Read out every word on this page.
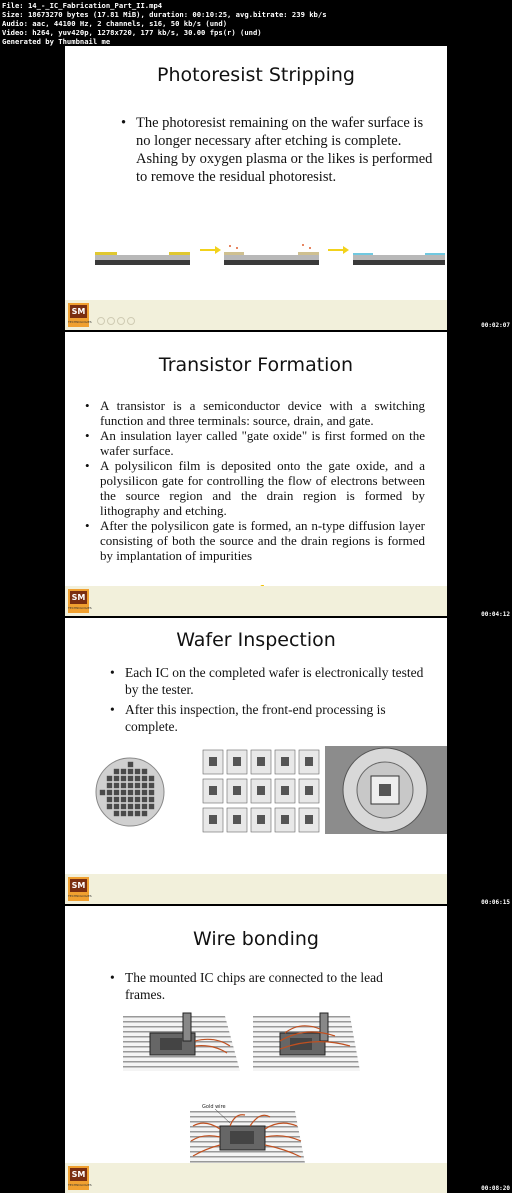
File: 14_-_IC_Fabrication_Part_II.mp4
Size: 18673270 bytes (17.81 MiB), duration: 00:10:25, avg.bitrate: 239 kb/s
Audio: aac, 44100 Hz, 2 channels, s16, 50 kb/s (und)
Video: h264, yuv420p, 1278x720, 177 kb/s, 30.00 fps(r) (und)
Generated by Thumbnail me
Photoresist Stripping
• The photoresist remaining on the wafer surface is no longer necessary after etching is complete. Ashing by oxygen plasma or the likes is performed to remove the residual photoresist.
SM
TECHNOLOGIES	00:02:07
Transistor Formation
• A transistor is a semiconductor device with a switching function and three terminals: source, drain, and gate.
• An insulation layer called "gate oxide" is first formed on the wafer surface.
• A polysilicon film is deposited onto the gate oxide, and a polysilicon gate for controlling the flow of electrons between the source region and the drain region is formed by lithography and etching.
• After the polysilicon gate is formed, an n-type diffusion layer consisting of both the source and the drain regions is formed by implantation of impurities
SM
TECHNOLOGIES
00:04:12
Wafer Inspection
• Each IC on the completed wafer is electronically tested by the tester.
• After this inspection, the front-end processing is complete.
SM
TECHNOLOGIES
00:06:15
Wire bonding
• The mounted IC chips are connected to the lead frames.
Gold wire
SM
TECHNOLOGIES	00:08:20
